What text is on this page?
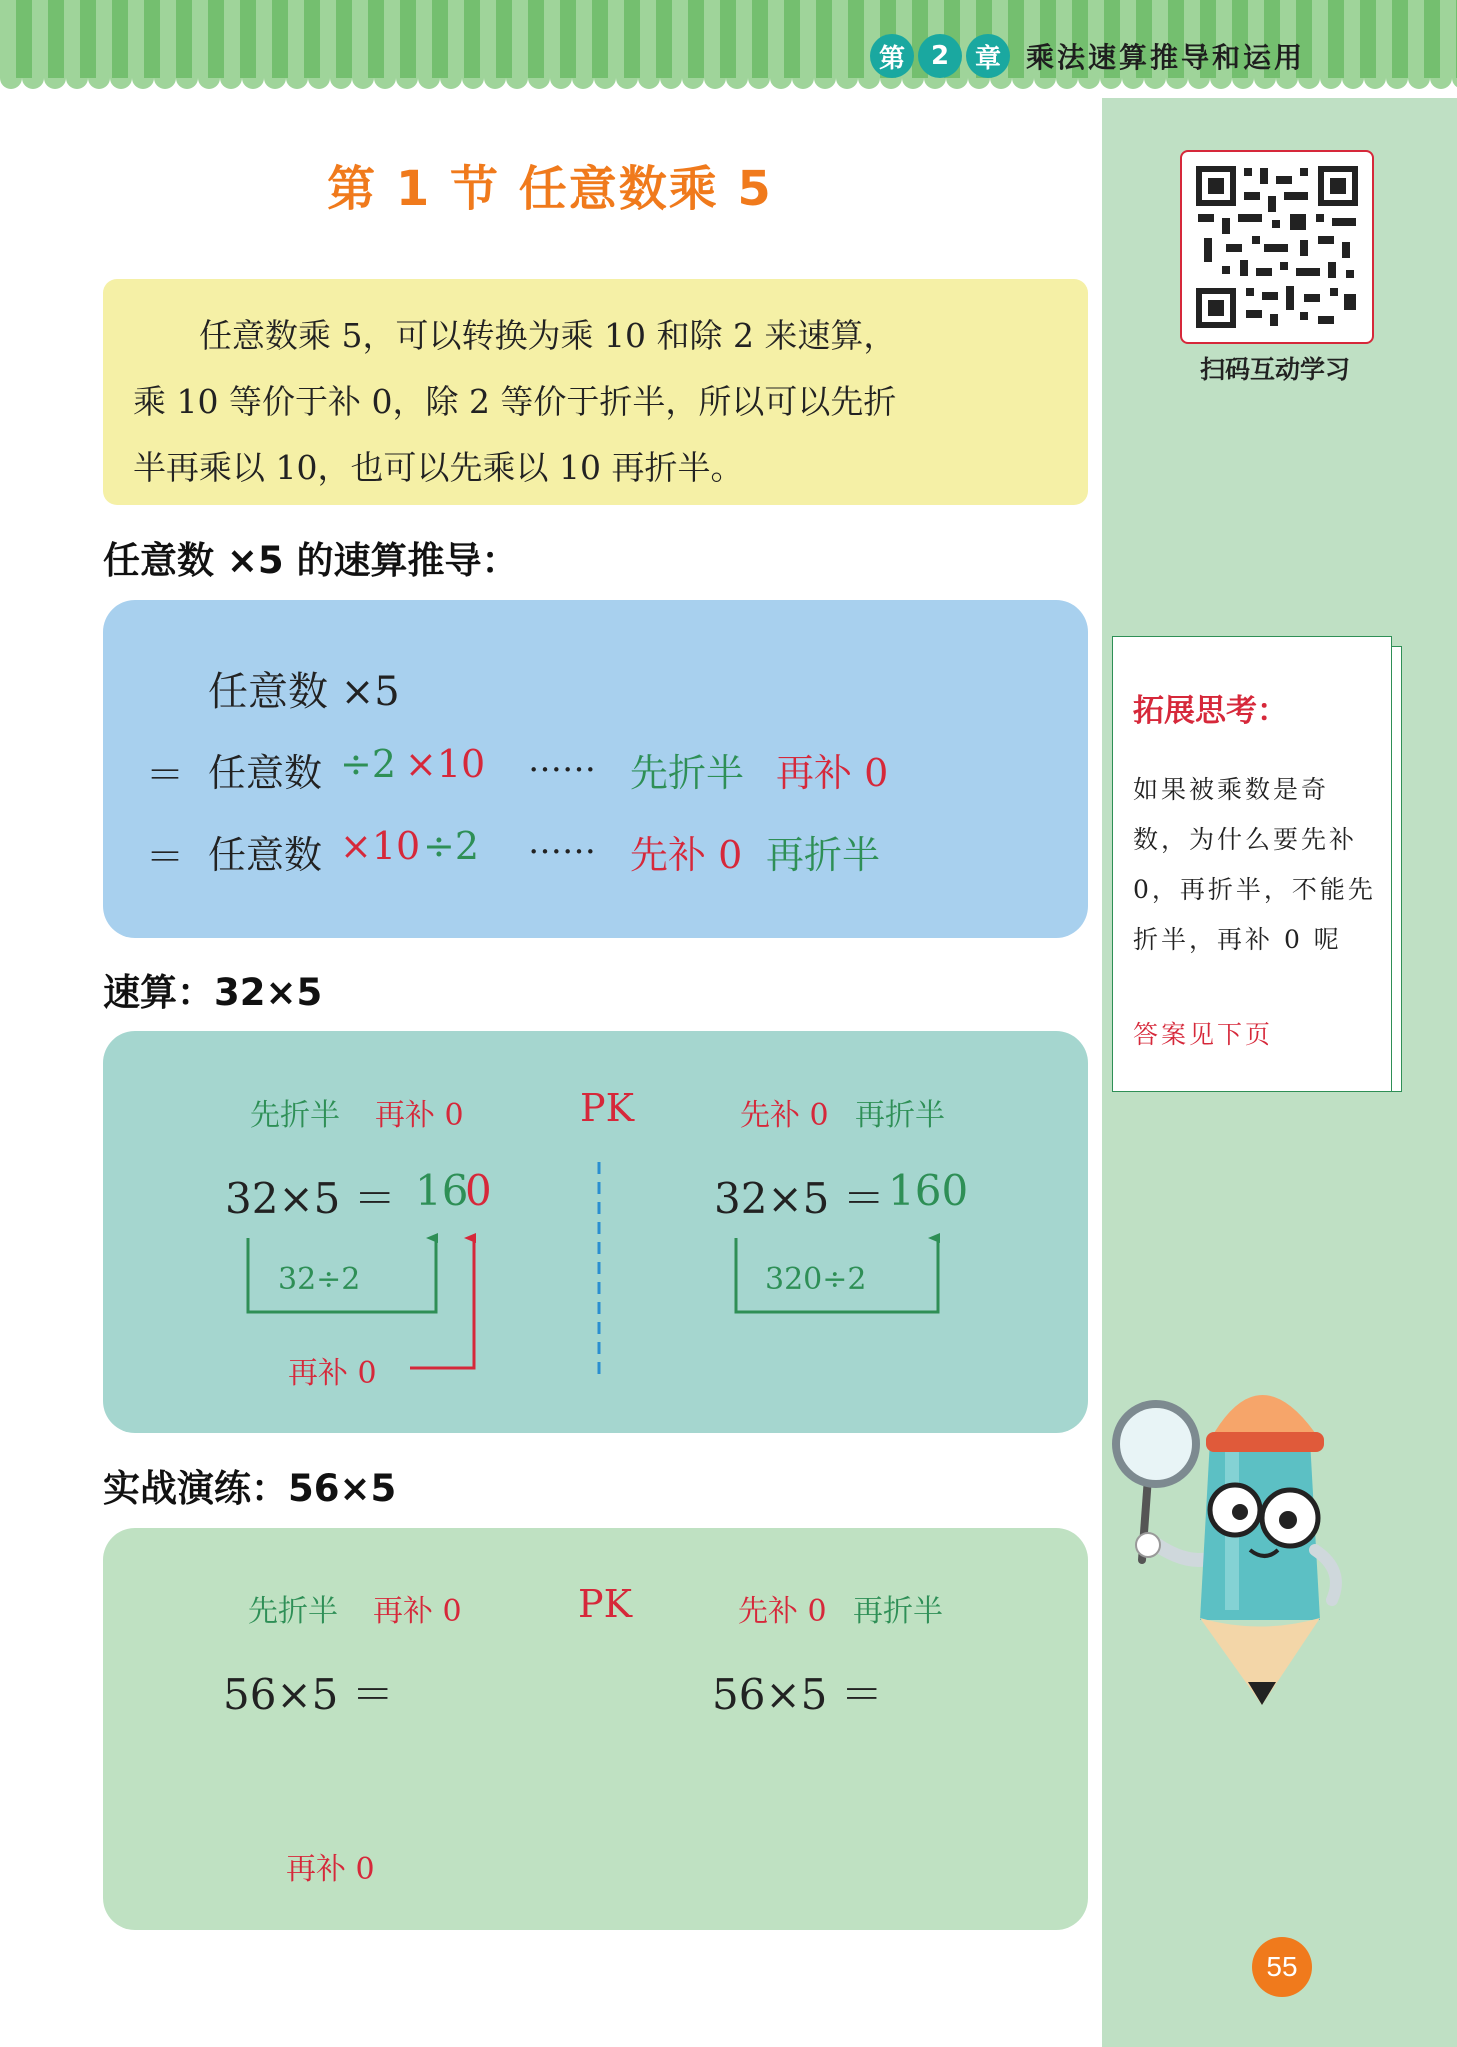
第 2 章 乘法速算推导和运用
第 1 节 任意数乘 5

任意数乘 5，可以转换为乘 10 和除 2 来速算，

乘 10 等价于补 0，除 2 等价于折半，所以可以先折
半再乘以 10，也可以先乘以 10 再折半。
任意数 ×5 的速算推导：
任意数 ×5
＝ 任意数 ÷2 ×10 …… 先折半 再补 0
＝ 任意数 ×10 ÷2 …… 先补 0 再折半
速算：32×5
先折半 再补 0	PK	先补 0 再折半
32×5 ＝ 16
0	32×5 ＝ 160
32÷2
再补 0
320÷2
实战演练：56×5
先折半 再补 0	PK	先补 0 再折半
56×5 ＝	56×5 ＝
再补 0
扫码互动学习
拓展思考：
如果被乘数是奇数，为什么要先补 0，再折半，不能先折半，再补 0 呢
答案见下页
55
